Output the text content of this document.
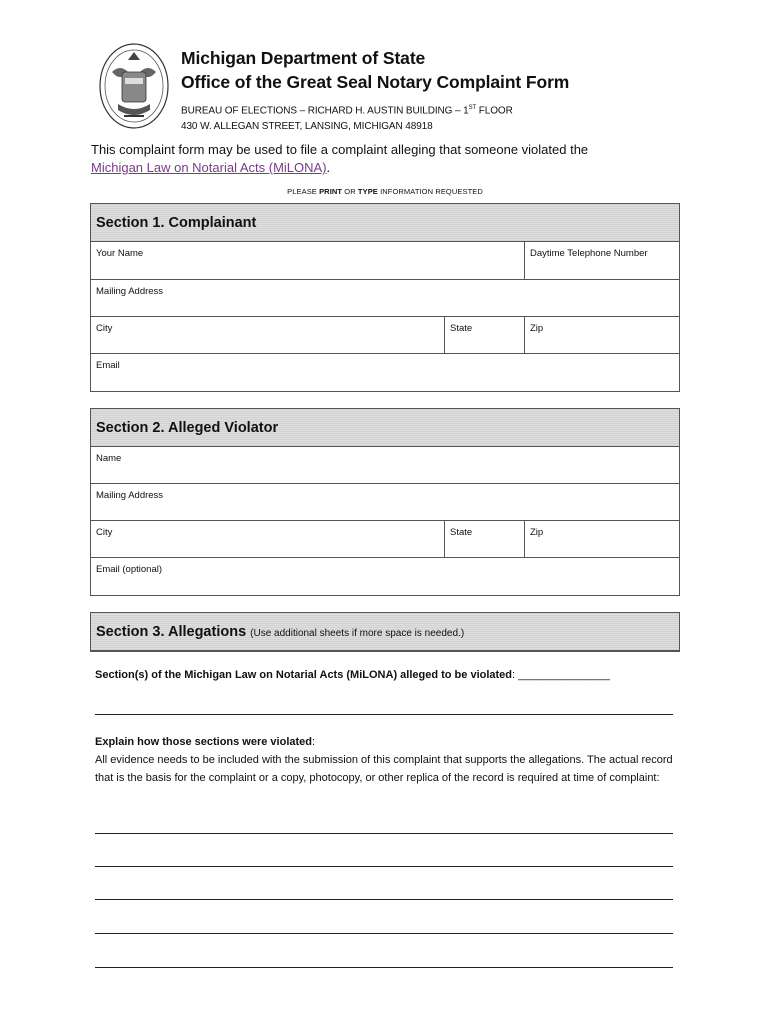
Michigan Department of State
Office of the Great Seal Notary Complaint Form
BUREAU OF ELECTIONS – RICHARD H. AUSTIN BUILDING – 1ST FLOOR
430 W. ALLEGAN STREET, LANSING, MICHIGAN 48918
This complaint form may be used to file a complaint alleging that someone violated the
Michigan Law on Notarial Acts (MiLONA).
PLEASE PRINT OR TYPE INFORMATION REQUESTED
Section 1. Complainant
Your Name	Daytime Telephone Number
Mailing Address
City	State	Zip
Email
Section 2. Alleged Violator
Name
Mailing Address
City	State	Zip
Email (optional)
Section 3. Allegations (Use additional sheets if more space is needed.)
Section(s) of the Michigan Law on Notarial Acts (MiLONA) alleged to be violated: _______________
Explain how those sections were violated:
All evidence needs to be included with the submission of this complaint that supports the allegations. The actual record that is the basis for the complaint or a copy, photocopy, or other replica of the record is required at time of complaint:
